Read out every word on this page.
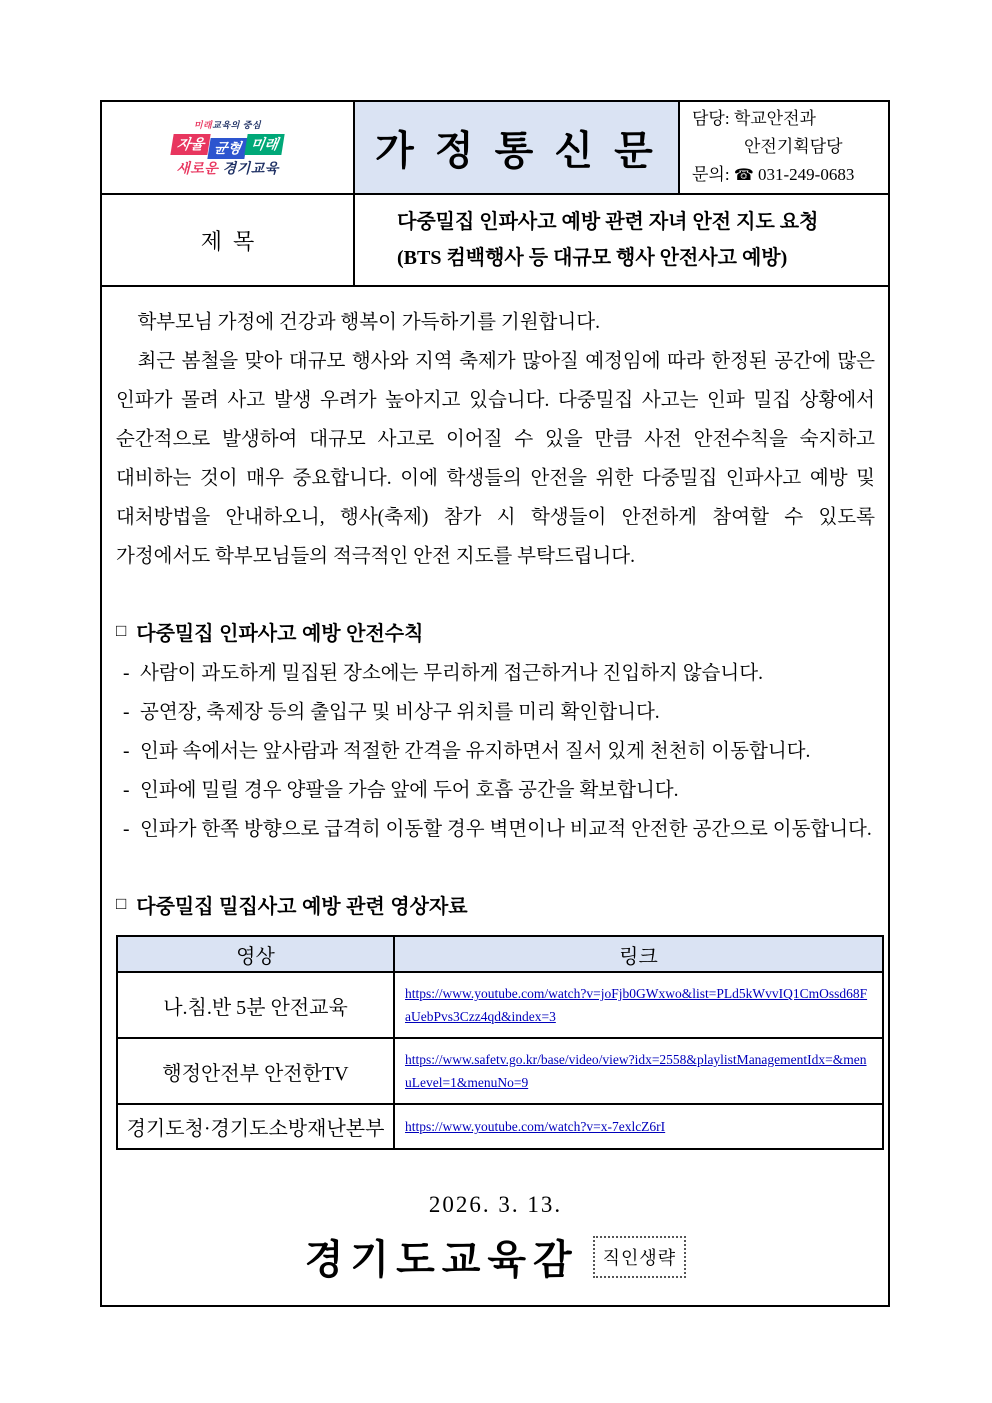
미래교육의 중심
자율 균형 미래
새로운 경기교육	가 정 통 신 문
담당: 학교안전과
안전기획담당
문의: ☎ 031-249-0683
제  목
다중밀집 인파사고 예방 관련 자녀 안전 지도 요청
(BTS 컴백행사 등 대규모 행사 안전사고 예방)

학부모님 가정에 건강과 행복이 가득하기를 기원합니다.

최근 봄철을 맞아 대규모 행사와 지역 축제가 많아질 예정임에 따라 한정된 공간에 많은 인파가 몰려 사고 발생 우려가 높아지고 있습니다. 다중밀집 사고는 인파 밀집 상황에서 순간적으로 발생하여 대규모 사고로 이어질 수 있을 만큼 사전 안전수칙을 숙지하고 대비하는 것이 매우 중요합니다. 이에 학생들의 안전을 위한 다중밀집 인파사고 예방 및 대처방법을 안내하오니, 행사(축제) 참가 시 학생들이 안전하게 참여할 수 있도록 가정에서도 학부모님들의 적극적인 안전 지도를 부탁드립니다.

□ 다중밀집 인파사고 예방 안전수칙
- 사람이 과도하게 밀집된 장소에는 무리하게 접근하거나 진입하지 않습니다.
- 공연장, 축제장 등의 출입구 및 비상구 위치를 미리 확인합니다.
- 인파 속에서는 앞사람과 적절한 간격을 유지하면서 질서 있게 천천히 이동합니다.
- 인파에 밀릴 경우 양팔을 가슴 앞에 두어 호흡 공간을 확보합니다.
- 인파가 한쪽 방향으로 급격히 이동할 경우 벽면이나 비교적 안전한 공간으로 이동합니다.
□ 다중밀집 밀집사고 예방 관련 영상자료
영상	링크
나.침.반 5분 안전교육	https://www.youtube.com/watch?v=joFjb0GWxwo&list=PLd5kWvvIQ1CmOssd68FaUebPvs3Czz4qd&index=3
행정안전부 안전한TV	https://www.safetv.go.kr/base/video/view?idx=2558&playlistManagementIdx=&menuLevel=1&menuNo=9
경기도청·경기도소방재난본부	https://www.youtube.com/watch?v=x-7exlcZ6rI
2026. 3. 13.
경기도교육감	직인생략
